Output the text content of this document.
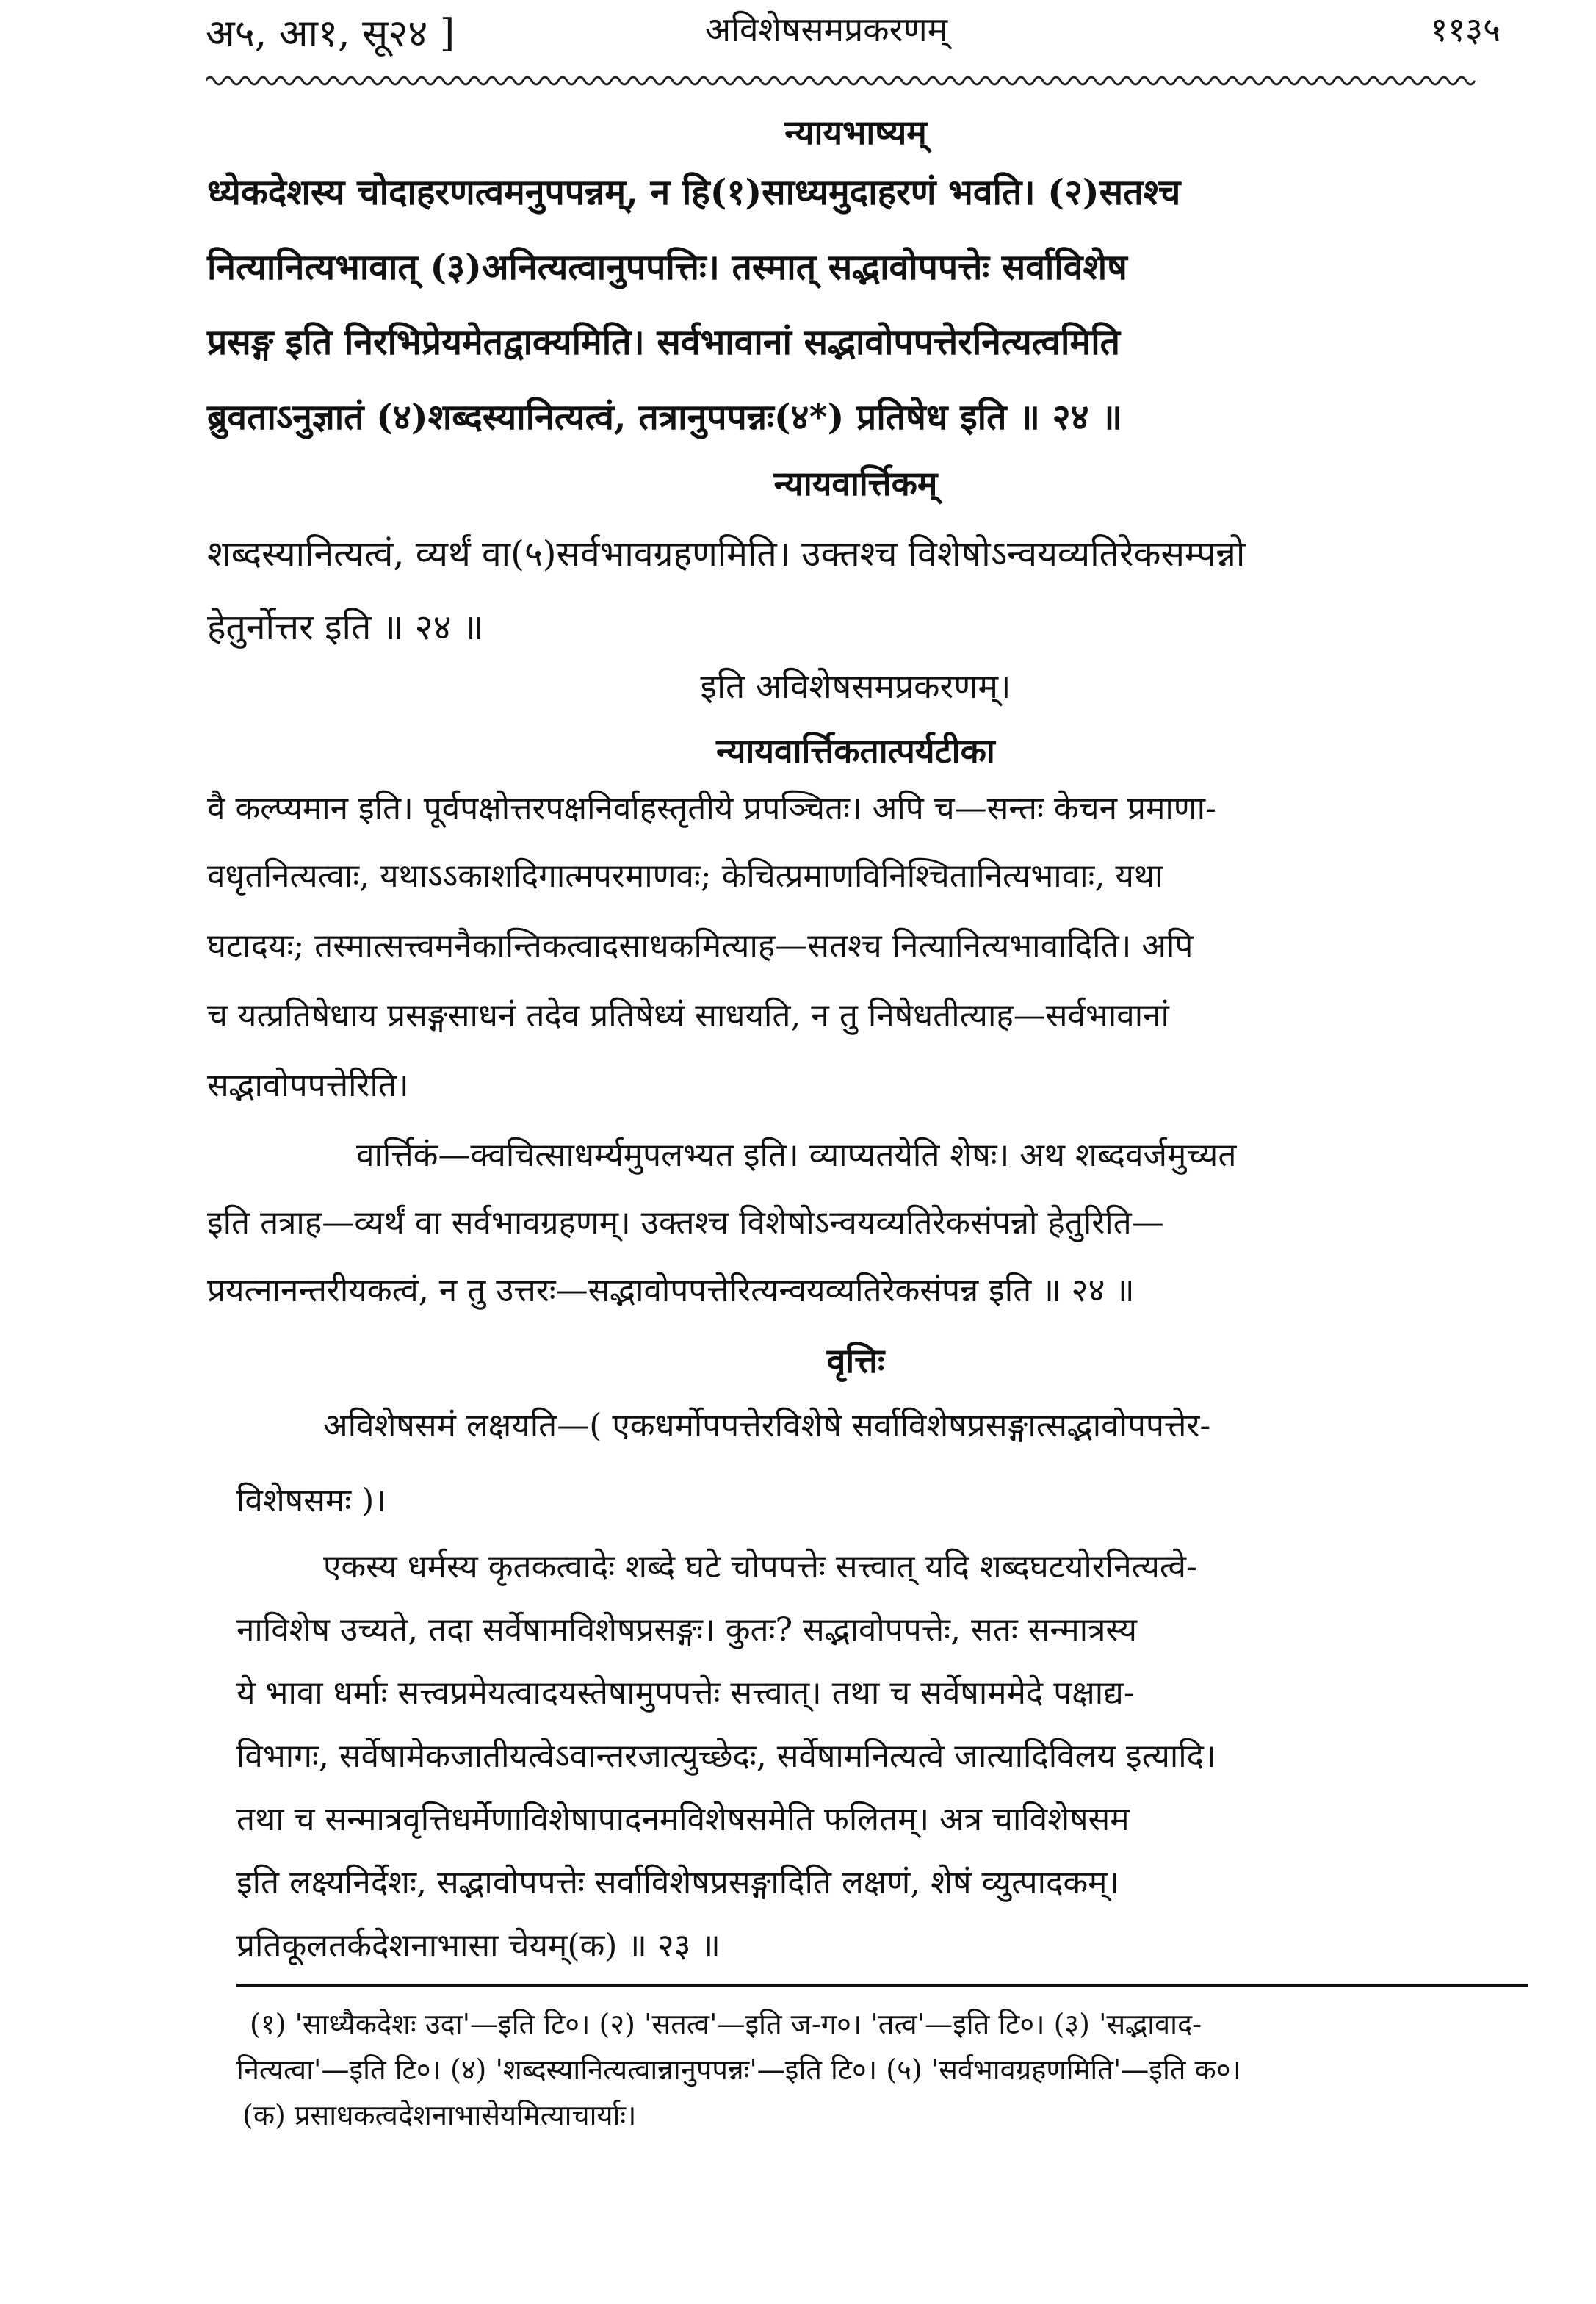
अ५, आ१, सू२४ ]	अविशेषसमप्रकरणम्	११३५
न्यायभाष्यम्
ध्येकदेशस्य चोदाहरणत्वमनुपपन्नम्, न हि(१)साध्यमुदाहरणं भवति। (२)सतश्च
नित्यानित्यभावात् (३)अनित्यत्वानुपपत्तिः। तस्मात् सद्भावोपपत्तेः सर्वाविशेष
प्रसङ्ग इति निरभिप्रेयमेतद्वाक्यमिति। सर्वभावानां सद्भावोपपत्तेरनित्यत्वमिति
ब्रुवताऽनुज्ञातं (४)शब्दस्यानित्यत्वं, तत्रानुपपन्नः(४*) प्रतिषेध इति ॥ २४ ॥
न्यायवार्त्तिकम्
शब्दस्यानित्यत्वं, व्यर्थं वा(५)सर्वभावग्रहणमिति। उक्तश्च विशेषोऽन्वयव्यतिरेकसम्पन्नो
हेतुर्नोत्तर इति ॥ २४ ॥
इति अविशेषसमप्रकरणम्।
न्यायवार्त्तिकतात्पर्यटीका
वै कल्प्यमान इति। पूर्वपक्षोत्तरपक्षनिर्वाहस्तृतीये प्रपञ्चितः। अपि च—सन्तः केचन प्रमाणा-
वधृतनित्यत्वाः, यथाऽऽकाशदिगात्मपरमाणवः; केचित्प्रमाणविनिश्चितानित्यभावाः, यथा
घटादयः; तस्मात्सत्त्वमनैकान्तिकत्वादसाधकमित्याह—सतश्च नित्यानित्यभावादिति। अपि
च यत्प्रतिषेधाय प्रसङ्गसाधनं तदेव प्रतिषेध्यं साधयति, न तु निषेधतीत्याह—सर्वभावानां
सद्भावोपपत्तेरिति।
वार्त्तिकं—क्वचित्साधर्म्यमुपलभ्यत इति। व्याप्यतयेति शेषः। अथ शब्दवर्जमुच्यत
इति तत्राह—व्यर्थं वा सर्वभावग्रहणम्। उक्तश्च विशेषोऽन्वयव्यतिरेकसंपन्नो हेतुरिति—
प्रयत्नानन्तरीयकत्वं, न तु उत्तरः—सद्भावोपपत्तेरित्यन्वयव्यतिरेकसंपन्न इति ॥ २४ ॥
वृत्तिः
अविशेषसमं लक्षयति—( एकधर्मोपपत्तेरविशेषे सर्वाविशेषप्रसङ्गात्सद्भावोपपत्तेर-
विशेषसमः )।
एकस्य धर्मस्य कृतकत्वादेः शब्दे घटे चोपपत्तेः सत्त्वात् यदि शब्दघटयोरनित्यत्वे-
नाविशेष उच्यते, तदा सर्वेषामविशेषप्रसङ्गः। कुतः? सद्भावोपपत्तेः, सतः सन्मात्रस्य
ये भावा धर्माः सत्त्वप्रमेयत्वादयस्तेषामुपपत्तेः सत्त्वात्। तथा च सर्वेषाममेदे पक्षाद्य-
विभागः, सर्वेषामेकजातीयत्वेऽवान्तरजात्युच्छेदः, सर्वेषामनित्यत्वे जात्यादिविलय इत्यादि।
तथा च सन्मात्रवृत्तिधर्मेणाविशेषापादनमविशेषसमेति फलितम्। अत्र चाविशेषसम
इति लक्ष्यनिर्देशः, सद्भावोपपत्तेः सर्वाविशेषप्रसङ्गादिति लक्षणं, शेषं व्युत्पादकम्।
प्रतिकूलतर्कदेशनाभासा चेयम्(क) ॥ २३ ॥
(१) 'साध्यैकदेशः उदा'—इति टि०। (२) 'सतत्व'—इति ज-ग०। 'तत्व'—इति टि०। (३) 'सद्भावाद-
नित्यत्वा'—इति टि०। (४) 'शब्दस्यानित्यत्वान्नानुपपन्नः'—इति टि०। (५) 'सर्वभावग्रहणमिति'—इति क०।
(क) प्रसाधकत्वदेशनाभासेयमित्याचार्याः।
